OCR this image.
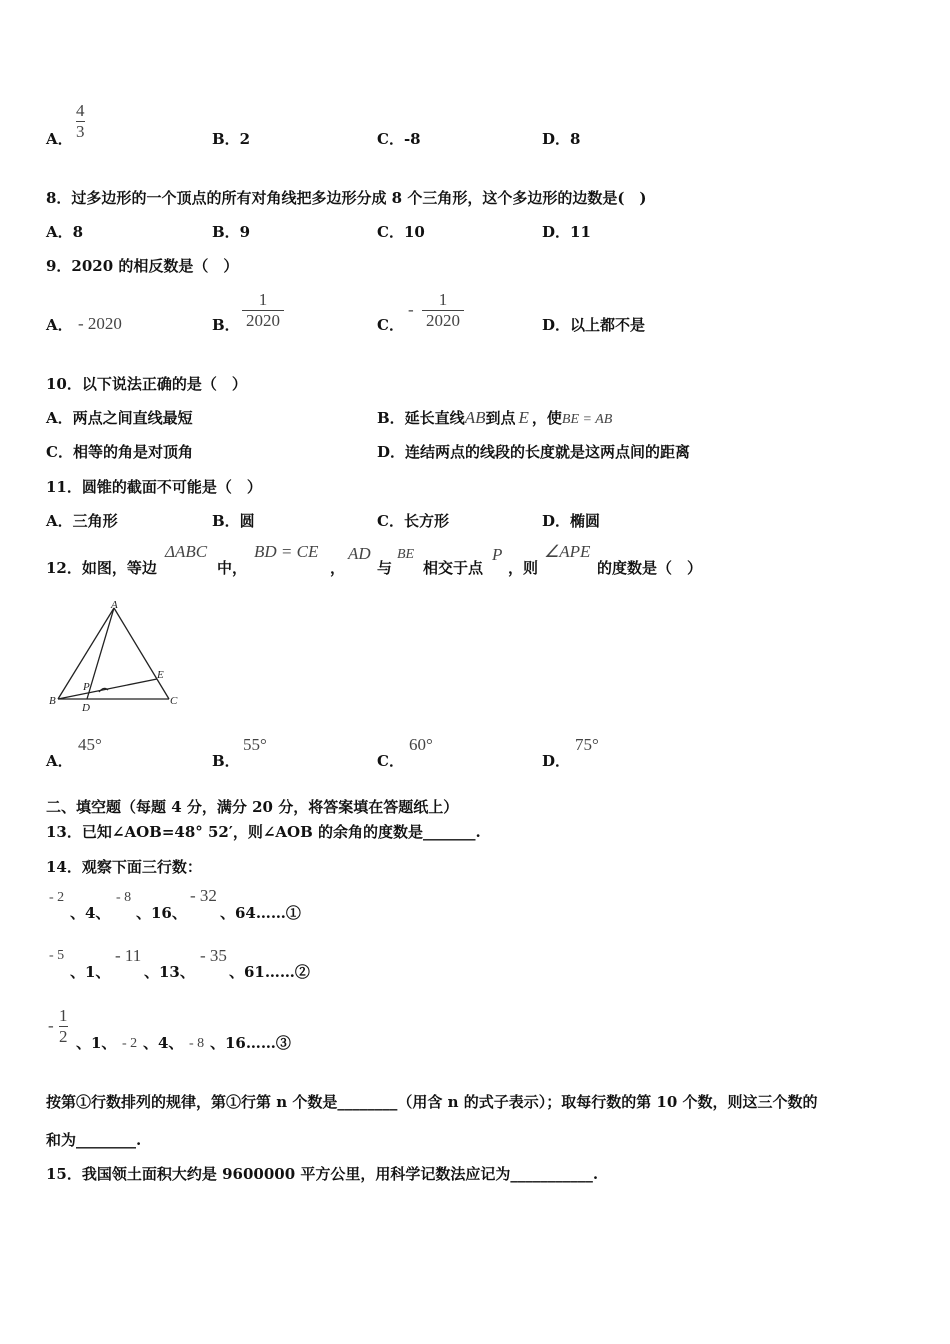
A．
4
3	B．2	C．-8	D．8
8．过多边形的一个顶点的所有对角线把多边形分成 8 个三角形，这个多边形的边数是(　)
A．8	B．9	C．10	D．11
9．2020 的相反数是（　）
A． - 2020	B．
1
2020	C．
-
1
2020	D．以上都不是
10．以下说法正确的是（　）
A．两点之间直线最短	B．延长直线AB到点 E ，使BE = AB
C．相等的角是对顶角	D．连结两点的线段的长度就是这两点间的距离
11．圆锥的截面不可能是（　）
A．三角形	B．圆	C．长方形	D．椭圆
12．如图，等边
ΔABC
中，
BD = CE
，
AD
与
BE
相交于点
P
，则
∠APE
的度数是（　）
A
B	C
D
E
P
A．
45°
B．
55°
C．
60°
D．
75°
二、填空题（每题 4 分，满分 20 分，将答案填在答题纸上）
13．已知∠AOB=48° 52′，则∠AOB 的余角的度数是_______.
14．观察下面三行数：
- 2
、4、
- 8
、16、
- 32
、64……①
- 5
、1、
- 11
、13、
- 35
、61……②
-
1
2 、1、 - 2 、4、 - 8 、16……③
按第①行数排列的规律，第①行第 n 个数是________（用含 n 的式子表示）；取每行数的第 10 个数，则这三个数的
和为________.
15．我国领土面积大约是 9600000 平方公里，用科学记数法应记为___________.
